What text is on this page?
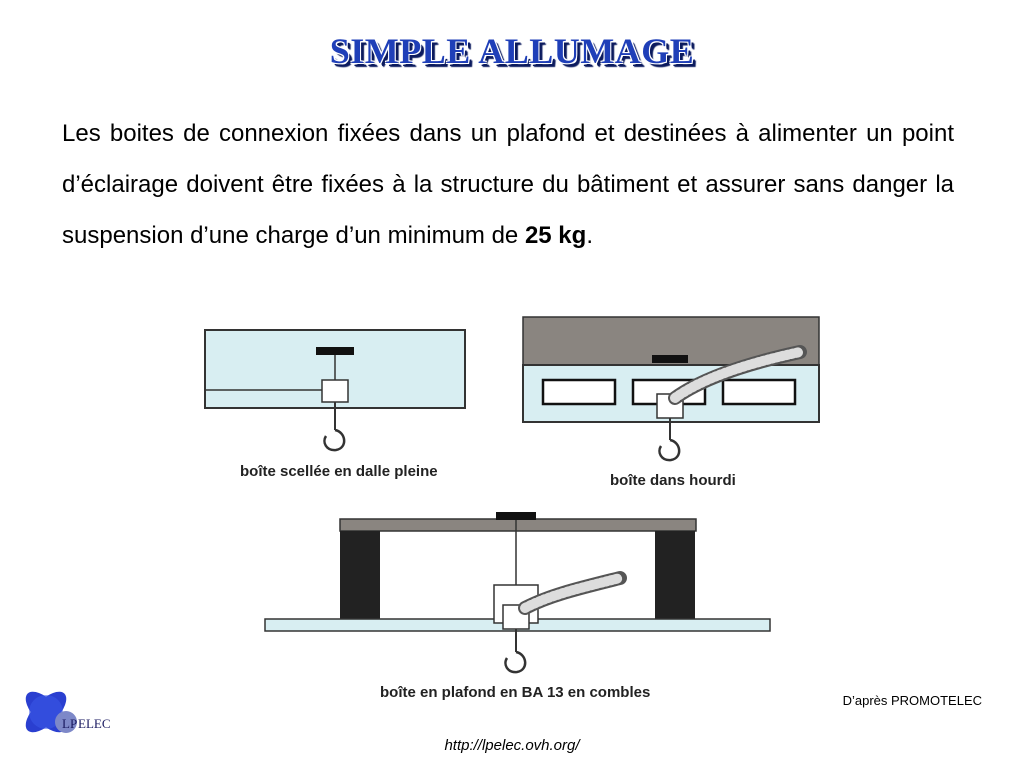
SIMPLE ALLUMAGE
Les boites de connexion fixées dans un plafond et destinées à alimenter un point d’éclairage doivent être fixées à la structure du bâtiment et assurer sans danger la suspension d’une charge d’un minimum de 25 kg.
boîte scellée en dalle pleine
boîte dans hourdi
boîte en plafond en BA 13 en combles
LP ELEC
D’après PROMOTELEC
http://lpelec.ovh.org/
